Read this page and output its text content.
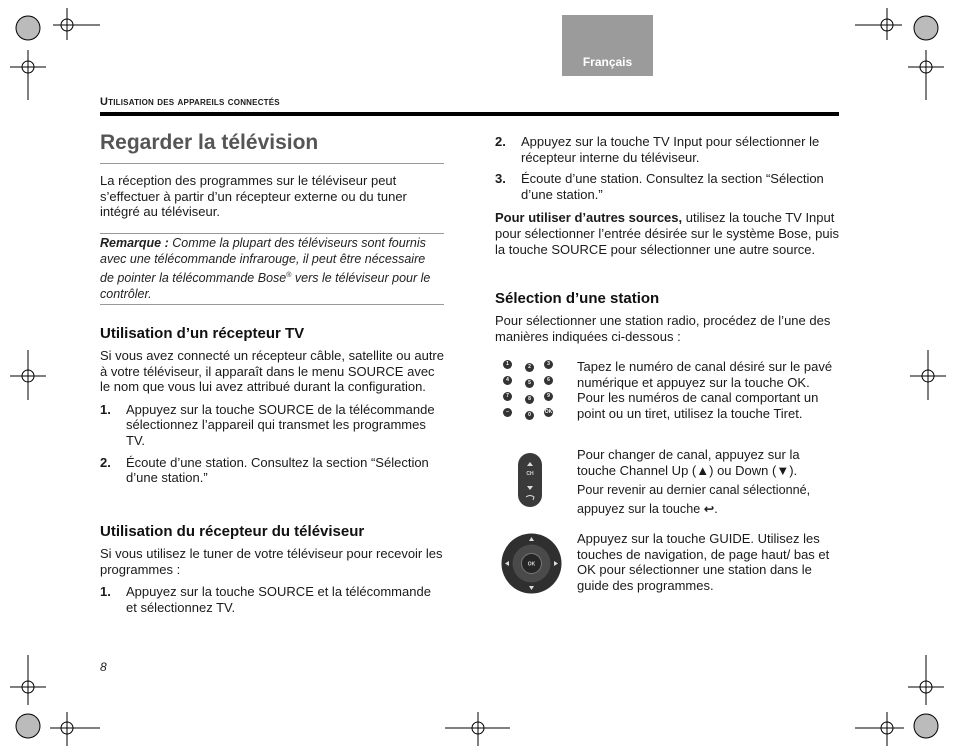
Français
Utilisation des appareils connectés
Regarder la télévision

La réception des programmes sur le téléviseur peut s’effectuer à partir d’un récepteur externe ou du tuner intégré au téléviseur.

Remarque : Comme la plupart des téléviseurs sont fournis avec une télécommande infrarouge, il peut être nécessaire de pointer la télécommande Bose® vers le téléviseur pour le contrôler.
Utilisation d’un récepteur TV

Si vous avez connecté un récepteur câble, satellite ou autre à votre téléviseur, il apparaît dans le menu SOURCE avec le nom que vous lui avez attribué durant la configuration.

1. Appuyez sur la touche SOURCE de la télécommande sélectionnez l’appareil qui transmet les programmes TV.
2. Écoute d’une station. Consultez la section “Sélection d’une station.”
Utilisation du récepteur du téléviseur

Si vous utilisez le tuner de votre téléviseur pour recevoir les programmes :

1. Appuyez sur la touche SOURCE et la télécommande et sélectionnez TV.
2. Appuyez sur la touche TV Input pour sélectionner le récepteur interne du téléviseur.
3. Écoute d’une station. Consultez la section “Sélection d’une station.”

Pour utiliser d’autres sources, utilisez la touche TV Input pour sélectionner l’entrée désirée sur le système Bose, puis la touche SOURCE pour sélectionner une autre source.

Sélection d’une station

Pour sélectionner une station radio, procédez de l’une des manières indiquées ci-dessous :

1	2	3
4	5	6
7	8	9
–	0	OK

Tapez le numéro de canal désiré sur le pavé numérique et appuyez sur la touche OK. Pour les numéros de canal comportant un point ou un tiret, utilisez la touche Tiret.

CH

Pour changer de canal, appuyez sur la touche Channel Up (▲) ou Down (▼).

Pour revenir au dernier canal sélectionné, appuyez sur la touche ↩.

OK

Appuyez sur la touche GUIDE. Utilisez les touches de navigation, de page haut/ bas et OK pour sélectionner une station dans le guide des programmes.

8
